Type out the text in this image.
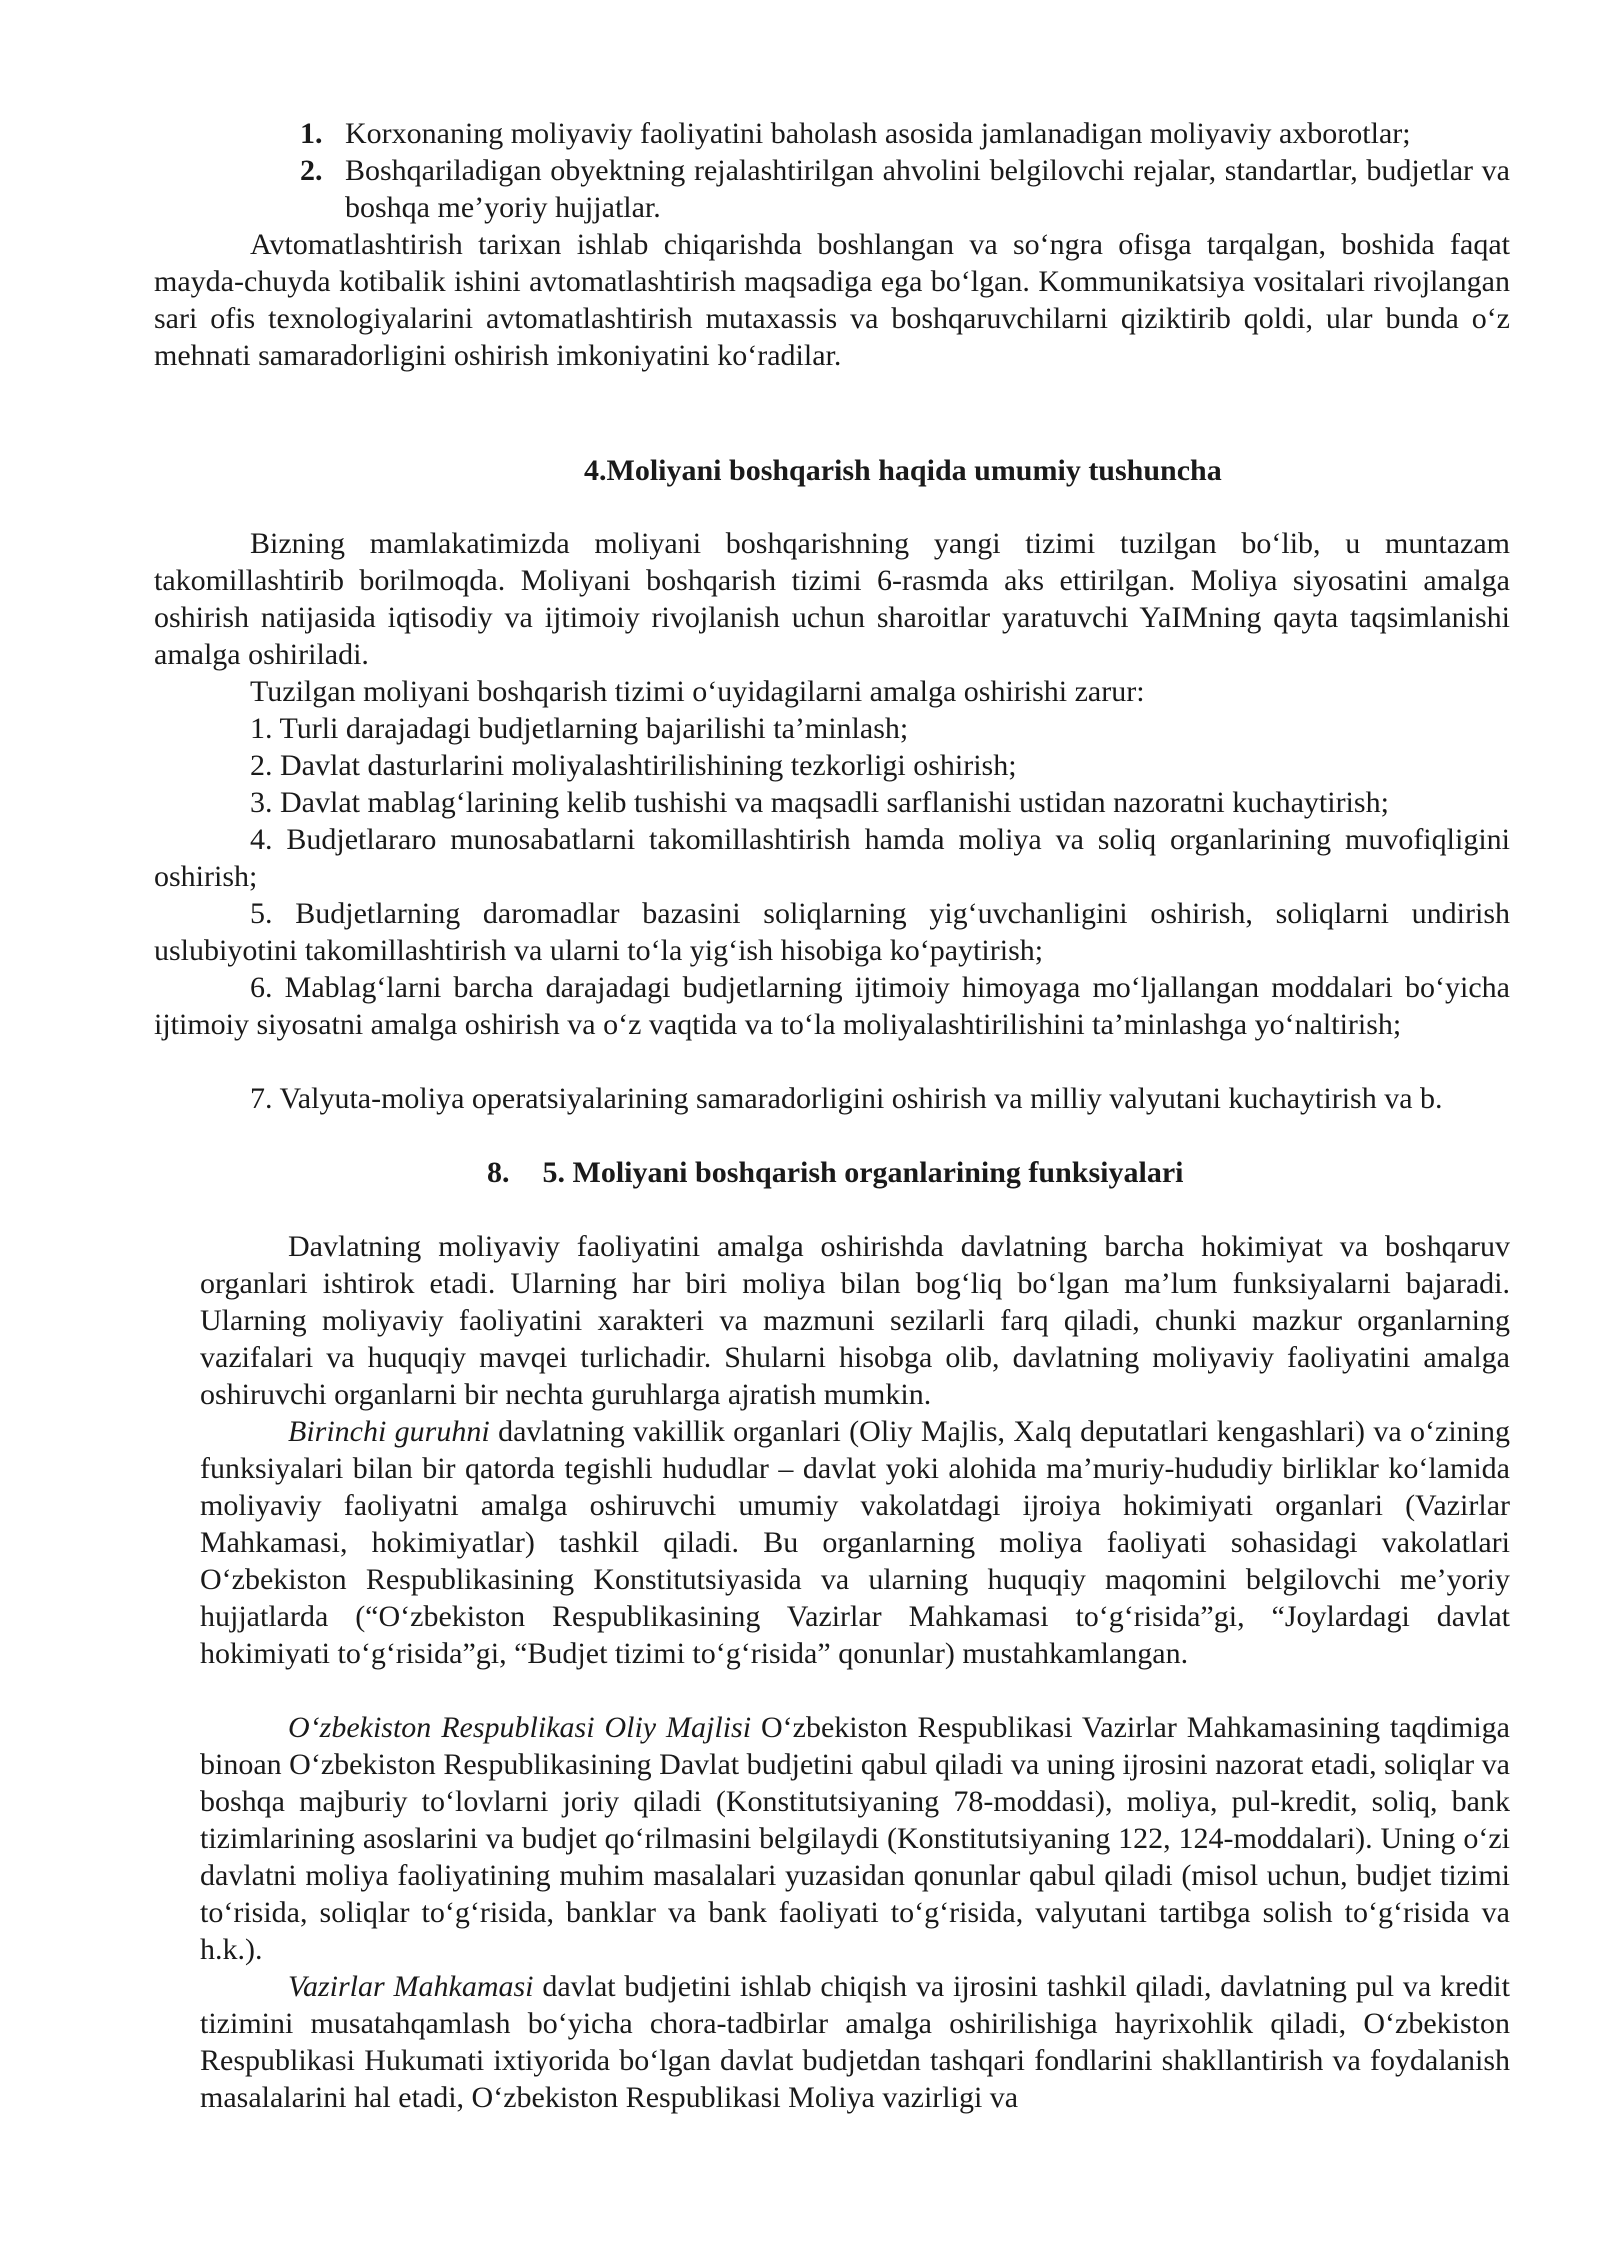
1. Korxonaning moliyaviy faoliyatini baholash asosida jamlanadigan moliyaviy axborotlar;
2. Boshqariladigan obyektning rejalashtirilgan ahvolini belgilovchi rejalar, standartlar, budjetlar va boshqa me’yoriy hujjatlar.

Avtomatlashtirish tarixan ishlab chiqarishda boshlangan va so‘ngra ofisga tarqalgan, boshida faqat mayda-chuyda kotibalik ishini avtomatlashtirish maqsadiga ega bo‘lgan. Kommunikatsiya vositalari rivojlangan sari ofis texnologiyalarini avtomatlashtirish mutaxassis va boshqaruvchilarni qiziktirib qoldi, ular bunda o‘z mehnati samaradorligini oshirish imkoniyatini ko‘radilar.

4.Moliyani boshqarish haqida umumiy tushuncha

Bizning mamlakatimizda moliyani boshqarishning yangi tizimi tuzilgan bo‘lib, u muntazam takomillashtirib borilmoqda. Moliyani boshqarish tizimi 6-rasmda aks ettirilgan. Moliya siyosatini amalga oshirish natijasida iqtisodiy va ijtimoiy rivojlanish uchun sharoitlar yaratuvchi YaIMning qayta taqsimlanishi amalga oshiriladi.

Tuzilgan moliyani boshqarish tizimi o‘uyidagilarni amalga oshirishi zarur:
1. Turli darajadagi budjetlarning bajarilishi ta’minlash;
2. Davlat dasturlarini moliyalashtirilishining tezkorligi oshirish;
3. Davlat mablag‘larining kelib tushishi va maqsadli sarflanishi ustidan nazoratni kuchaytirish;

4. Budjetlararo munosabatlarni takomillashtirish hamda moliya va soliq organlarining muvofiqligini oshirish;

5. Budjetlarning daromadlar bazasini soliqlarning yig‘uvchanligini oshirish, soliqlarni undirish uslubiyotini takomillashtirish va ularni to‘la yig‘ish hisobiga ko‘paytirish;

6. Mablag‘larni barcha darajadagi budjetlarning ijtimoiy himoyaga mo‘ljallangan moddalari bo‘yicha ijtimoiy siyosatni amalga oshirish va o‘z vaqtida va to‘la moliyalashtirilishini ta’minlashga yo‘naltirish;

7. Valyuta-moliya operatsiyalarining samaradorligini oshirish va milliy valyutani kuchaytirish va b.

8. 5. Moliyani boshqarish organlarining funksiyalari

Davlatning moliyaviy faoliyatini amalga oshirishda davlatning barcha hokimiyat va boshqaruv organlari ishtirok etadi. Ularning har biri moliya bilan bog‘liq bo‘lgan ma’lum funksiyalarni bajaradi. Ularning moliyaviy faoliyatini xarakteri va mazmuni sezilarli farq qiladi, chunki mazkur organlarning vazifalari va huquqiy mavqei turlichadir. Shularni hisobga olib, davlatning moliyaviy faoliyatini amalga oshiruvchi organlarni bir nechta guruhlarga ajratish mumkin.

Birinchi guruhni davlatning vakillik organlari (Oliy Majlis, Xalq deputatlari kengashlari) va o‘zining funksiyalari bilan bir qatorda tegishli hududlar – davlat yoki alohida ma’muriy-hududiy birliklar ko‘lamida moliyaviy faoliyatni amalga oshiruvchi umumiy vakolatdagi ijroiya hokimiyati organlari (Vazirlar Mahkamasi, hokimiyatlar) tashkil qiladi. Bu organlarning moliya faoliyati sohasidagi vakolatlari O‘zbekiston Respublikasining Konstitutsiyasida va ularning huquqiy maqomini belgilovchi me’yoriy hujjatlarda (“O‘zbekiston Respublikasining Vazirlar Mahkamasi to‘g‘risida”gi, “Joylardagi davlat hokimiyati to‘g‘risida”gi, “Budjet tizimi to‘g‘risida” qonunlar) mustahkamlangan.

O‘zbekiston Respublikasi Oliy Majlisi O‘zbekiston Respublikasi Vazirlar Mahkamasining taqdimiga binoan O‘zbekiston Respublikasining Davlat budjetini qabul qiladi va uning ijrosini nazorat etadi, soliqlar va boshqa majburiy to‘lovlarni joriy qiladi (Konstitutsiyaning 78-moddasi), moliya, pul-kredit, soliq, bank tizimlarining asoslarini va budjet qo‘rilmasini belgilaydi (Konstitutsiyaning 122, 124-moddalari). Uning o‘zi davlatni moliya faoliyatining muhim masalalari yuzasidan qonunlar qabul qiladi (misol uchun, budjet tizimi to‘risida, soliqlar to‘g‘risida, banklar va bank faoliyati to‘g‘risida, valyutani tartibga solish to‘g‘risida va h.k.).

Vazirlar Mahkamasi davlat budjetini ishlab chiqish va ijrosini tashkil qiladi, davlatning pul va kredit tizimini musatahqamlash bo‘yicha chora-tadbirlar amalga oshirilishiga hayrixohlik qiladi, O‘zbekiston Respublikasi Hukumati ixtiyorida bo‘lgan davlat budjetdan tashqari fondlarini shakllantirish va foydalanish masalalarini hal etadi, O‘zbekiston Respublikasi Moliya vazirligi va
